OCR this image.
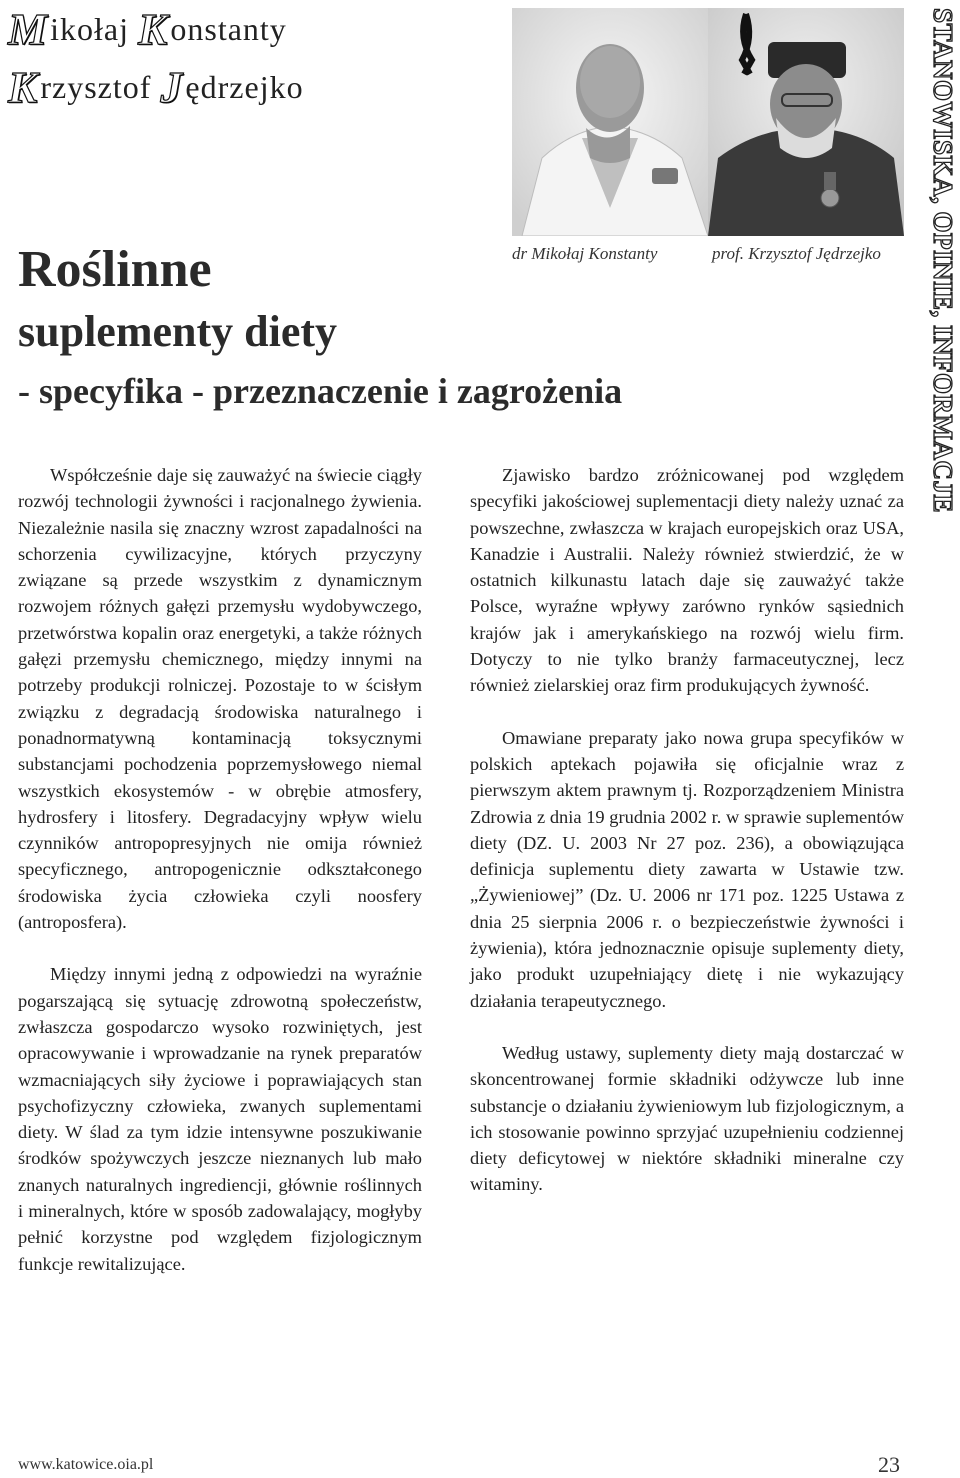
Mikołaj Konstanty
Krzysztof Jędrzejko
dr Mikołaj Konstanty	prof. Krzysztof Jędrzejko STANOWISKA, OPINIE, INFORMACJE
Roślinne
suplementy diety
- specyfika - przeznaczenie i zagrożenia

Współcześnie daje się zauważyć na świecie ciągły rozwój technologii żywności i racjonalnego żywienia. Niezależnie nasila się znaczny wzrost zapadalności na schorzenia cywilizacyjne, których przyczyny związane są przede wszystkim z dynamicznym rozwojem różnych gałęzi przemysłu wydobywczego, przetwórstwa kopalin oraz energetyki, a także różnych gałęzi przemysłu chemicznego, między innymi na potrzeby produkcji rolniczej. Pozostaje to w ścisłym związku z degradacją środowiska naturalnego i ponadnormatywną kontaminacją toksycznymi substancjami pochodzenia poprzemysłowego niemal wszystkich ekosystemów - w obrębie atmosfery, hydrosfery i litosfery. Degradacyjny wpływ wielu czynników antropopresyjnych nie omija również specyficznego, antropogenicznie odkształconego środowiska życia człowieka czyli noosfery (antroposfera).

Między innymi jedną z odpowiedzi na wyraźnie pogarszającą się sytuację zdrowotną społeczeństw, zwłaszcza gospodarczo wysoko rozwiniętych, jest opracowywanie i wprowadzanie na rynek preparatów wzmacniających siły życiowe i poprawiających stan psychofizyczny człowieka, zwanych suplementami diety. W ślad za tym idzie intensywne poszukiwanie środków spożywczych jeszcze nieznanych lub mało znanych naturalnych ingrediencji, głównie roślinnych i mineralnych, które w sposób zadowalający, mogłyby pełnić korzystne pod względem fizjologicznym funkcje rewitalizujące.

Zjawisko bardzo zróżnicowanej pod względem specyfiki jakościowej suplementacji diety należy uznać za powszechne, zwłaszcza w krajach europejskich oraz USA, Kanadzie i Australii. Należy również stwierdzić, że w ostatnich kilkunastu latach daje się zauważyć także Polsce, wyraźne wpływy zarówno rynków sąsiednich krajów jak i amerykańskiego na rozwój wielu firm. Dotyczy to nie tylko branży farmaceutycznej, lecz również zielarskiej oraz firm produkujących żywność.

Omawiane preparaty jako nowa grupa specyfików w polskich aptekach pojawiła się oficjalnie wraz z pierwszym aktem prawnym tj. Rozporządzeniem Ministra Zdrowia z dnia 19 grudnia 2002 r. w sprawie suplementów diety (DZ. U. 2003 Nr 27 poz. 236), a obowiązująca definicja suplementu diety zawarta w Ustawie tzw. „Żywieniowej” (Dz. U. 2006 nr 171 poz. 1225 Ustawa z dnia 25 sierpnia 2006 r. o bezpieczeństwie żywności i żywienia), która jednoznacznie opisuje suplementy diety, jako produkt uzupełniający dietę i nie wykazujący działania terapeutycznego.

Według ustawy, suplementy diety mają dostarczać w skoncentrowanej formie składniki odżywcze lub inne substancje o działaniu żywieniowym lub fizjologicznym, a ich stosowanie powinno sprzyjać uzupełnieniu codziennej diety deficytowej w niektóre składniki mineralne czy witaminy.

www.katowice.oia.pl	23
